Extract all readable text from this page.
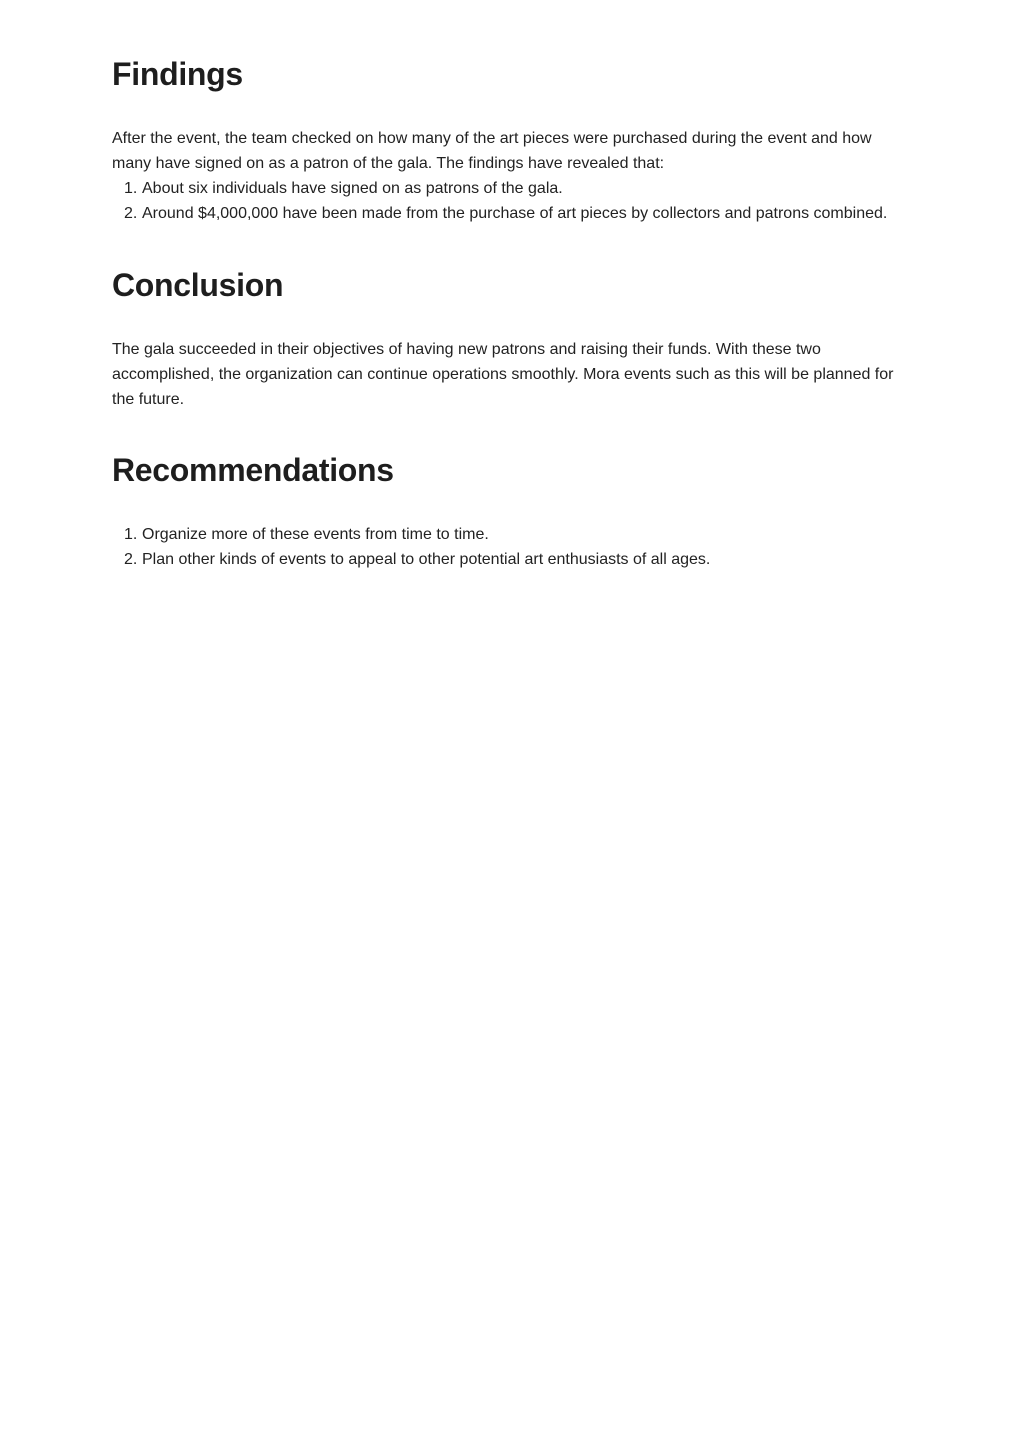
Findings

After the event, the team checked on how many of the art pieces were purchased during the event and how many have signed on as a patron of the gala. The findings have revealed that:

1. About six individuals have signed on as patrons of the gala.
2. Around $4,000,000 have been made from the purchase of art pieces by collectors and patrons combined.
Conclusion

The gala succeeded in their objectives of having new patrons and raising their funds. With these two accomplished, the organization can continue operations smoothly. Mora events such as this will be planned for the future.

Recommendations
1. Organize more of these events from time to time.
2. Plan other kinds of events to appeal to other potential art enthusiasts of all ages.
